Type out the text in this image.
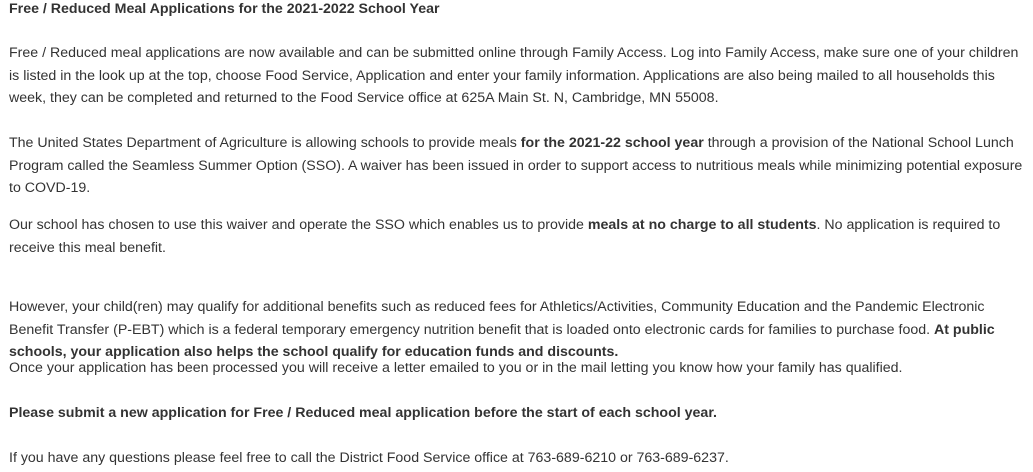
Free / Reduced Meal Applications for the 2021-2022 School Year

Free / Reduced meal applications are now available and can be submitted online through Family Access. Log into Family Access, make sure one of your children is listed in the look up at the top, choose Food Service, Application and enter your family information. Applications are also being mailed to all households this week, they can be completed and returned to the Food Service office at 625A Main St. N, Cambridge, MN 55008.

The United States Department of Agriculture is allowing schools to provide meals for the 2021-22 school year through a provision of the National School Lunch Program called the Seamless Summer Option (SSO). A waiver has been issued in order to support access to nutritious meals while minimizing potential exposure to COVD-19.

Our school has chosen to use this waiver and operate the SSO which enables us to provide meals at no charge to all students. No application is required to receive this meal benefit.

However, your child(ren) may qualify for additional benefits such as reduced fees for Athletics/Activities, Community Education and the Pandemic Electronic Benefit Transfer (P-EBT) which is a federal temporary emergency nutrition benefit that is loaded onto electronic cards for families to purchase food. At public schools, your application also helps the school qualify for education funds and discounts.

Once your application has been processed you will receive a letter emailed to you or in the mail letting you know how your family has qualified.

Please submit a new application for Free / Reduced meal application before the start of each school year.

If you have any questions please feel free to call the District Food Service office at 763-689-6210 or 763-689-6237.
